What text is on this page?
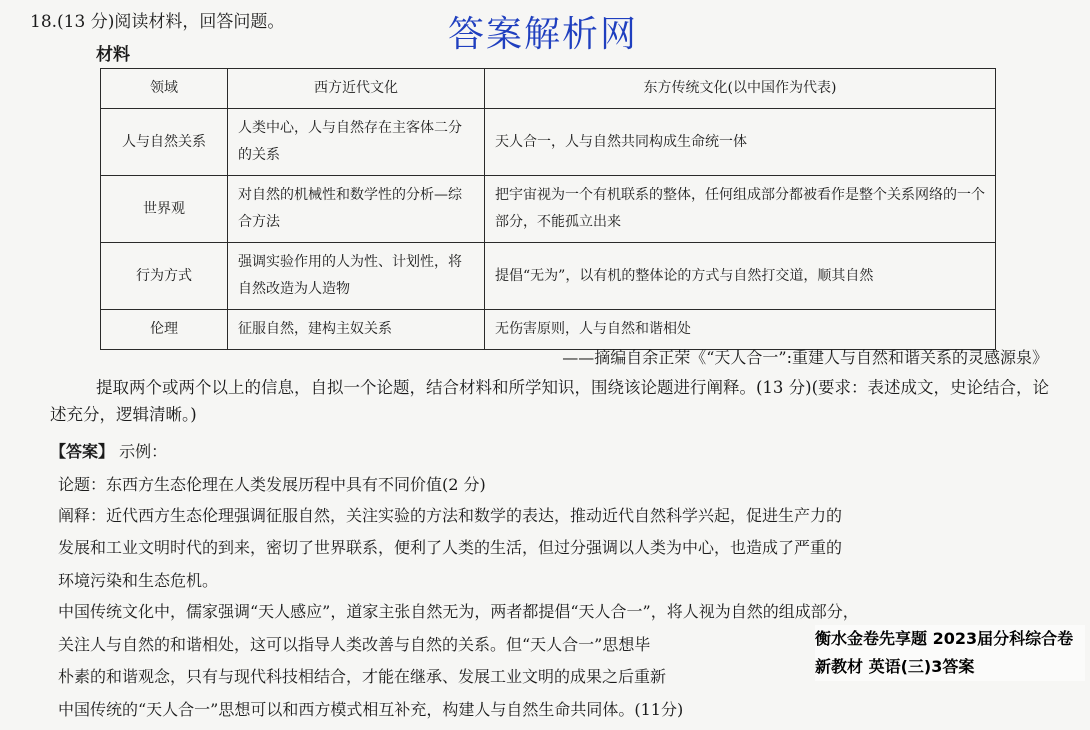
18.(13 分)阅读材料，回答问题。	答案解析网
材料
领域	西方近代文化	东方传统文化(以中国作为代表)
人与自然关系	人类中心，人与自然存在主客体二分的关系	天人合一，人与自然共同构成生命统一体
世界观	对自然的机械性和数学性的分析—综合方法	把宇宙视为一个有机联系的整体，任何组成部分都被看作是整个关系网络的一个部分，不能孤立出来
行为方式	强调实验作用的人为性、计划性，将自然改造为人造物	提倡“无为”，以有机的整体论的方式与自然打交道，顺其自然
伦理	征服自然，建构主奴关系	无伤害原则，人与自然和谐相处
——摘编自余正荣《“天人合一”:重建人与自然和谐关系的灵感源泉》
提取两个或两个以上的信息，自拟一个论题，结合材料和所学知识，围绕该论题进行阐释。(13 分)(要求：表述成文，史论结合，论述充分，逻辑清晰。)
【答案】 示例：
论题：东西方生态伦理在人类发展历程中具有不同价值(2 分)
阐释：近代西方生态伦理强调征服自然，关注实验的方法和数学的表达，推动近代自然科学兴起，促进生产力的
发展和工业文明时代的到来，密切了世界联系，便利了人类的生活，但过分强调以人类为中心，也造成了严重的
环境污染和生态危机。
中国传统文化中，儒家强调“天人感应”，道家主张自然无为，两者都提倡“天人合一”，将人视为自然的组成部分，
关注人与自然的和谐相处，这可以指导人类改善与自然的关系。但“天人合一”思想毕
朴素的和谐观念，只有与现代科技相结合，才能在继承、发展工业文明的成果之后重新
中国传统的“天人合一”思想可以和西方模式相互补充，构建人与自然生命共同体。(11分)
衡水金卷先享题 2023届分科综合卷 新教材 英语(三)3答案
